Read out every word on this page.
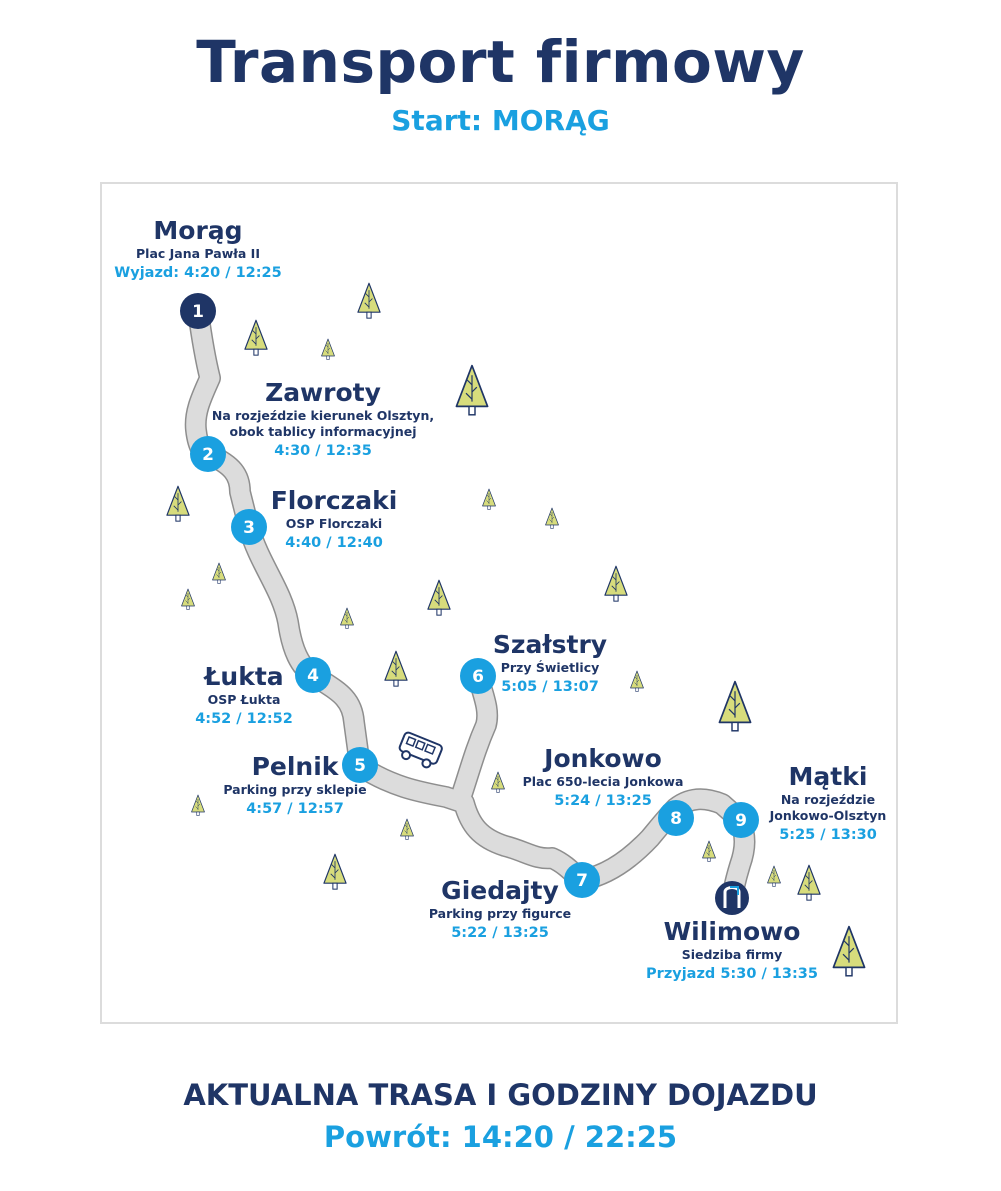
Transport firmowy
Start: MORĄG
1
2
3
4
5
6
7
8	9
Morąg
Plac Jana Pawła II
Wyjazd: 4:20 / 12:25
Zawroty
Na rozjeździe kierunek Olsztyn,
obok tablicy informacyjnej
4:30 / 12:35
Florczaki
OSP Florczaki
4:40 / 12:40
Łukta
OSP Łukta
4:52 / 12:52
Pelnik
Parking przy sklepie
4:57 / 12:57
Szałstry
Przy Świetlicy
5:05 / 13:07
Giedajty
Parking przy figurce
5:22 / 13:25
Jonkowo
Plac 650-lecia Jonkowa
5:24 / 13:25
Mątki
Na rozjeździe
Jonkowo-Olsztyn
5:25 / 13:30
Wilimowo
Siedziba firmy
Przyjazd 5:30 / 13:35
AKTUALNA TRASA I GODZINY DOJAZDU
Powrót: 14:20 / 22:25
